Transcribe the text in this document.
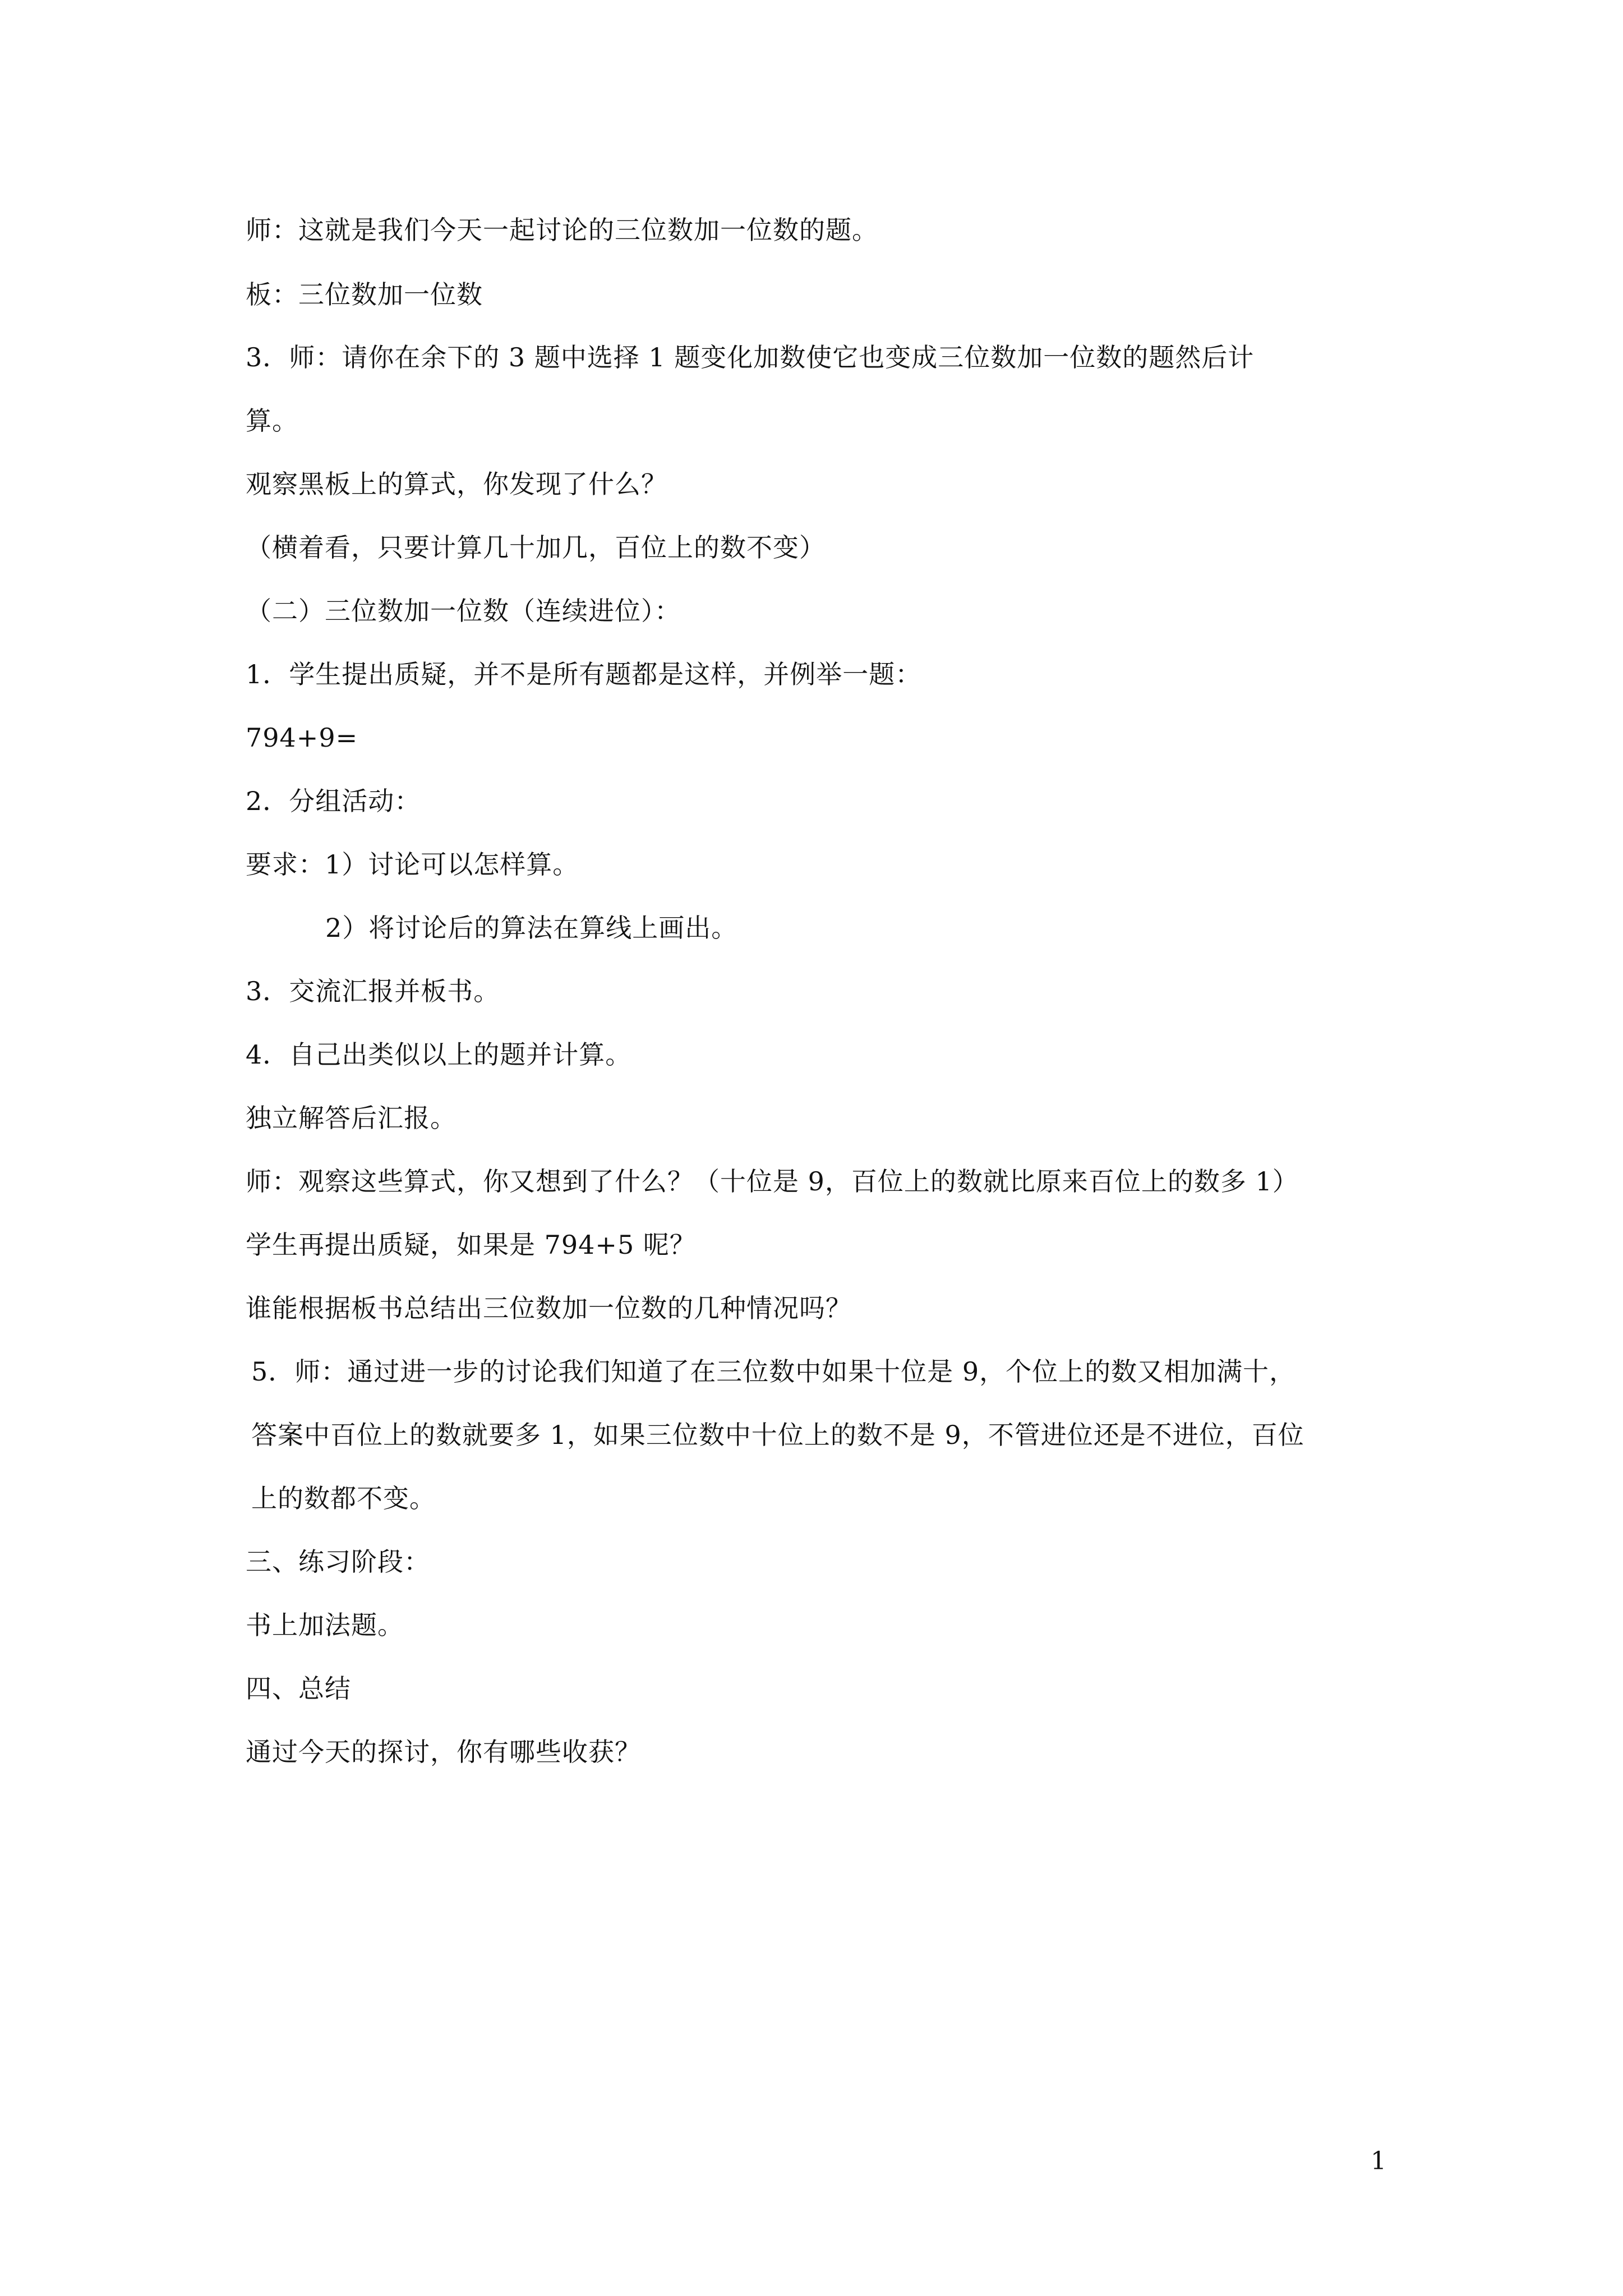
师：这就是我们今天一起讨论的三位数加一位数的题。
板：三位数加一位数
3．师：请你在余下的 3 题中选择 1 题变化加数使它也变成三位数加一位数的题然后计
算。
观察黑板上的算式，你发现了什么？
（横着看，只要计算几十加几，百位上的数不变）
（二）三位数加一位数（连续进位）：
1．学生提出质疑，并不是所有题都是这样，并例举一题：
794+9=
2．分组活动：
要求：1）讨论可以怎样算。
2）将讨论后的算法在算线上画出。
3．交流汇报并板书。
4．自己出类似以上的题并计算。
独立解答后汇报。
师：观察这些算式，你又想到了什么？（十位是 9，百位上的数就比原来百位上的数多 1）
学生再提出质疑，如果是 794+5 呢？
谁能根据板书总结出三位数加一位数的几种情况吗？
5．师：通过进一步的讨论我们知道了在三位数中如果十位是 9，个位上的数又相加满十，
答案中百位上的数就要多 1，如果三位数中十位上的数不是 9，不管进位还是不进位，百位
上的数都不变。
三、练习阶段：
书上加法题。
四、总结
通过今天的探讨，你有哪些收获？
1
